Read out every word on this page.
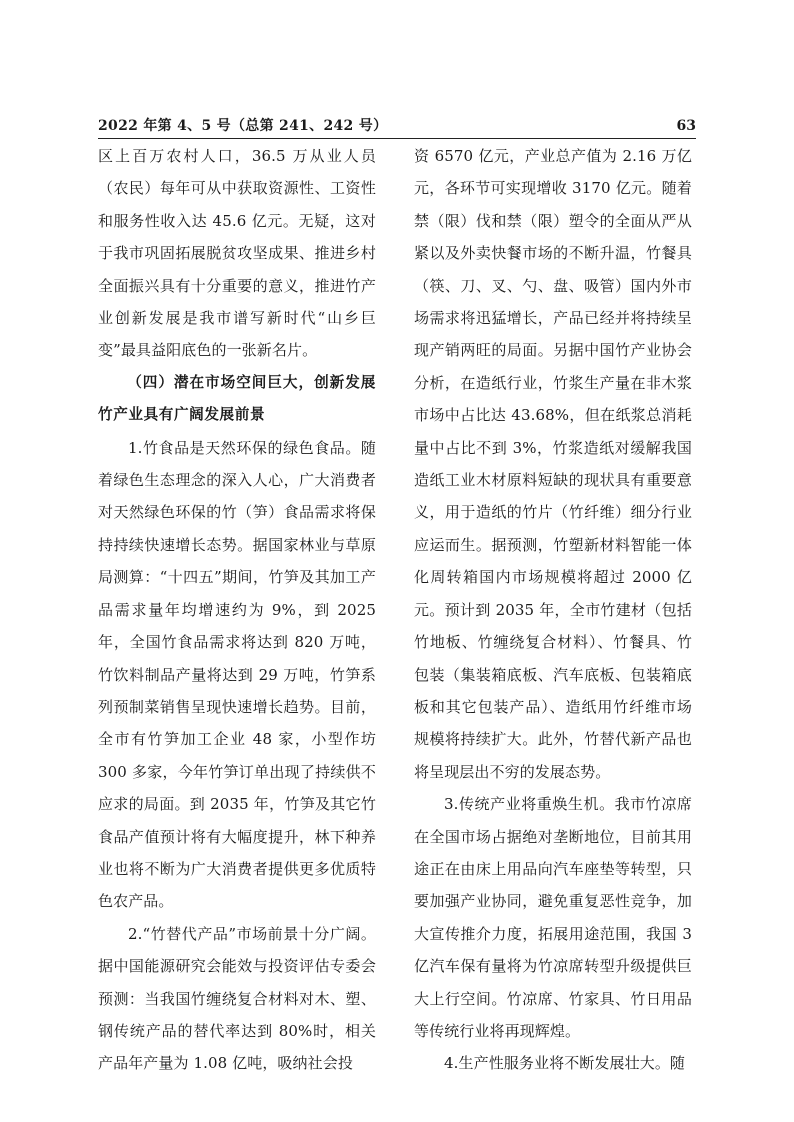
2022 年第 4、5 号（总第 241、242 号）	63

区上百万农村人口，36.5 万从业人员（农民）每年可从中获取资源性、工资性和服务性收入达 45.6 亿元。无疑，这对于我市巩固拓展脱贫攻坚成果、推进乡村全面振兴具有十分重要的意义，推进竹产业创新发展是我市谱写新时代“山乡巨变”最具益阳底色的一张新名片。

（四）潜在市场空间巨大，创新发展竹产业具有广阔发展前景

1.竹食品是天然环保的绿色食品。随着绿色生态理念的深入人心，广大消费者对天然绿色环保的竹（笋）食品需求将保持持续快速增长态势。据国家林业与草原局测算：“十四五”期间，竹笋及其加工产品需求量年均增速约为 9%，到 2025 年，全国竹食品需求将达到 820 万吨，竹饮料制品产量将达到 29 万吨，竹笋系列预制菜销售呈现快速增长趋势。目前，全市有竹笋加工企业 48 家，小型作坊 300 多家，今年竹笋订单出现了持续供不应求的局面。到 2035 年，竹笋及其它竹食品产值预计将有大幅度提升，林下种养业也将不断为广大消费者提供更多优质特色农产品。

2.“竹替代产品”市场前景十分广阔。据中国能源研究会能效与投资评估专委会预测：当我国竹缠绕复合材料对木、塑、钢传统产品的替代率达到 80%时，相关产品年产量为 1.08 亿吨，吸纳社会投

资 6570 亿元，产业总产值为 2.16 万亿元，各环节可实现增收 3170 亿元。随着禁（限）伐和禁（限）塑令的全面从严从紧以及外卖快餐市场的不断升温，竹餐具（筷、刀、叉、勺、盘、吸管）国内外市场需求将迅猛增长，产品已经并将持续呈现产销两旺的局面。另据中国竹产业协会分析，在造纸行业，竹浆生产量在非木浆市场中占比达 43.68%，但在纸浆总消耗量中占比不到 3%，竹浆造纸对缓解我国造纸工业木材原料短缺的现状具有重要意义，用于造纸的竹片（竹纤维）细分行业应运而生。据预测，竹塑新材料智能一体化周转箱国内市场规模将超过 2000 亿元。预计到 2035 年，全市竹建材（包括竹地板、竹缠绕复合材料）、竹餐具、竹包装（集装箱底板、汽车底板、包装箱底板和其它包装产品）、造纸用竹纤维市场规模将持续扩大。此外，竹替代新产品也将呈现层出不穷的发展态势。

3.传统产业将重焕生机。我市竹凉席在全国市场占据绝对垄断地位，目前其用途正在由床上用品向汽车座垫等转型，只要加强产业协同，避免重复恶性竞争，加大宣传推介力度，拓展用途范围，我国 3 亿汽车保有量将为竹凉席转型升级提供巨大上行空间。竹凉席、竹家具、竹日用品等传统行业将再现辉煌。

4.生产性服务业将不断发展壮大。随
